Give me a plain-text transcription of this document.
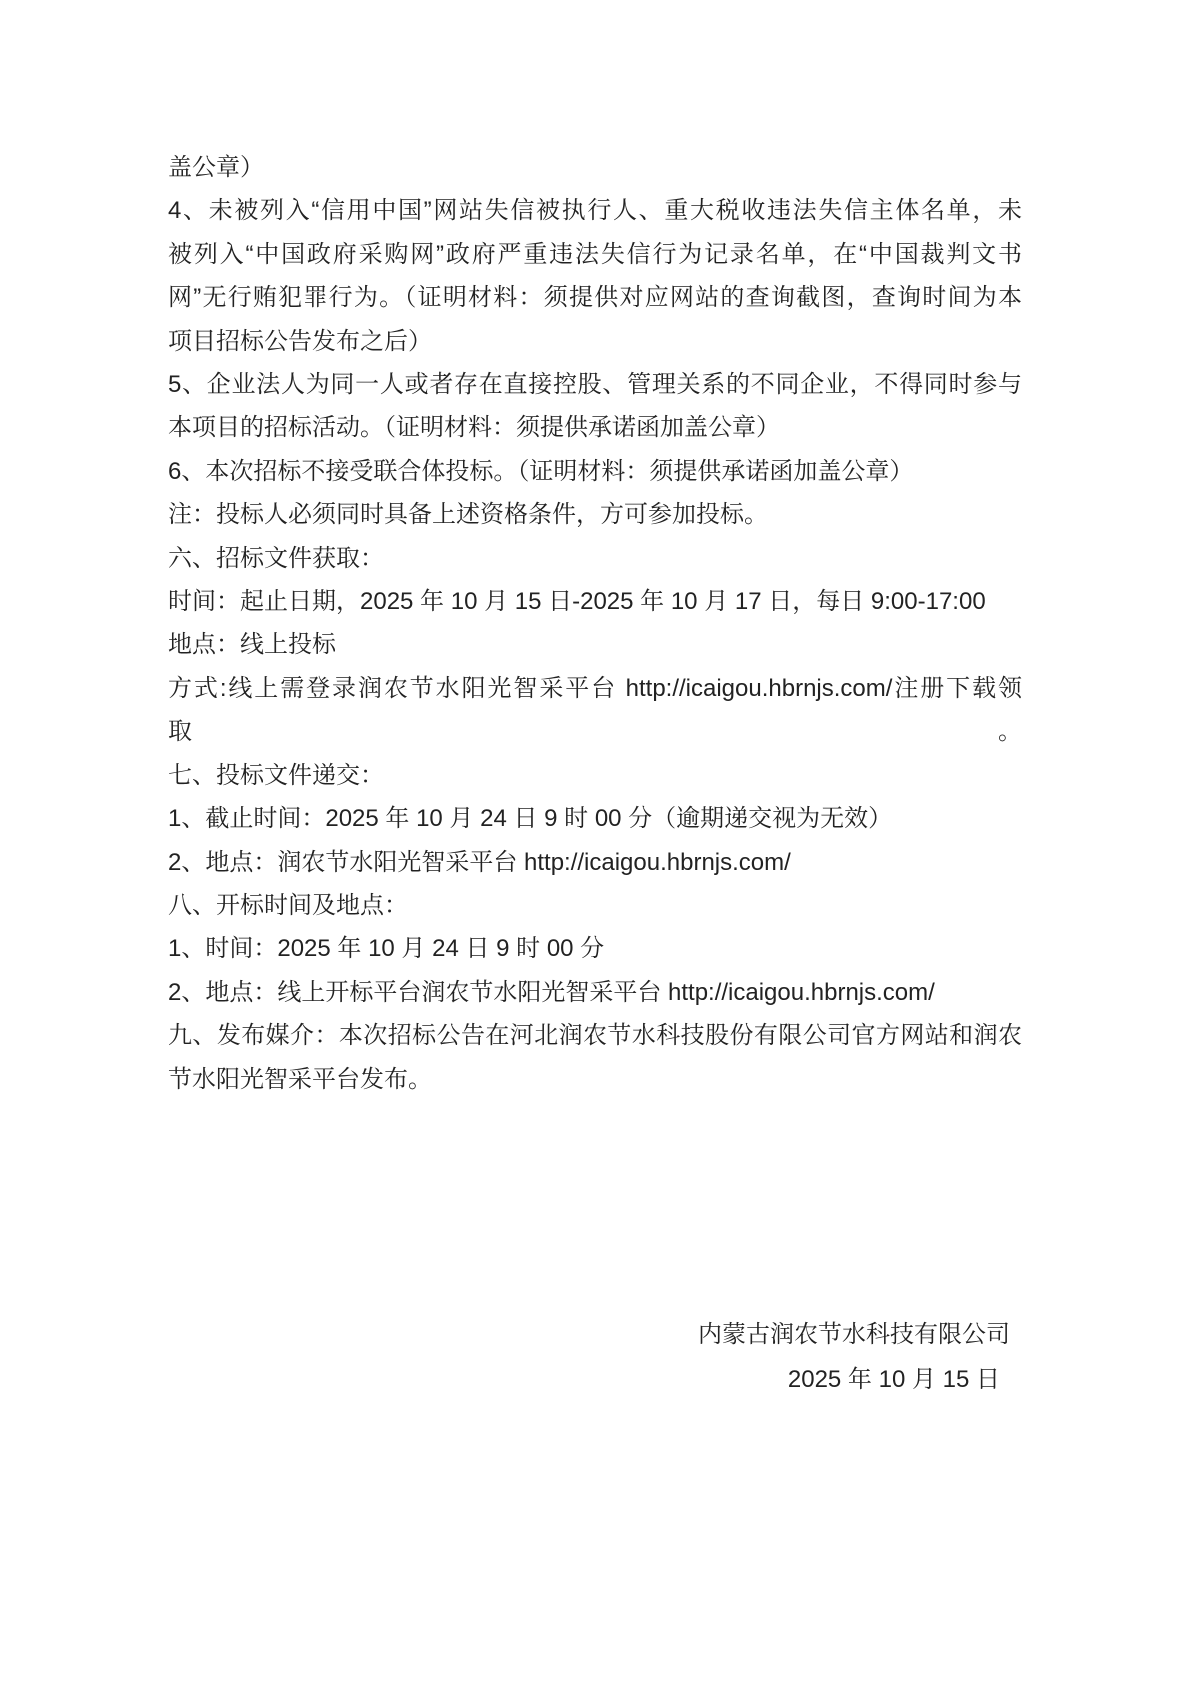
盖公章）
4、未被列入“信用中国”网站失信被执行人、重大税收违法失信主体名单，未
被列入“中国政府采购网”政府严重违法失信行为记录名单，在“中国裁判文书
网”无行贿犯罪行为。（证明材料：须提供对应网站的查询截图，查询时间为本
项目招标公告发布之后）
5、企业法人为同一人或者存在直接控股、管理关系的不同企业，不得同时参与
本项目的招标活动。（证明材料：须提供承诺函加盖公章）
6、本次招标不接受联合体投标。（证明材料：须提供承诺函加盖公章）
注：投标人必须同时具备上述资格条件，方可参加投标。
六、招标文件获取：
时间：起止日期，2025 年 10 月 15 日-2025 年 10 月 17 日，每日 9:00-17:00
地点：线上投标
方式:线上需登录润农节水阳光智采平台 http://icaigou.hbrnjs.com/注册下载领取。
七、投标文件递交：
1、截止时间：2025 年 10 月 24 日 9 时 00 分（逾期递交视为无效）
2、地点：润农节水阳光智采平台 http://icaigou.hbrnjs.com/
八、开标时间及地点：
1、时间：2025 年 10 月 24 日 9 时 00 分
2、地点：线上开标平台润农节水阳光智采平台 http://icaigou.hbrnjs.com/
九、发布媒介：本次招标公告在河北润农节水科技股份有限公司官方网站和润农
节水阳光智采平台发布。
内蒙古润农节水科技有限公司
2025 年 10 月 15 日
